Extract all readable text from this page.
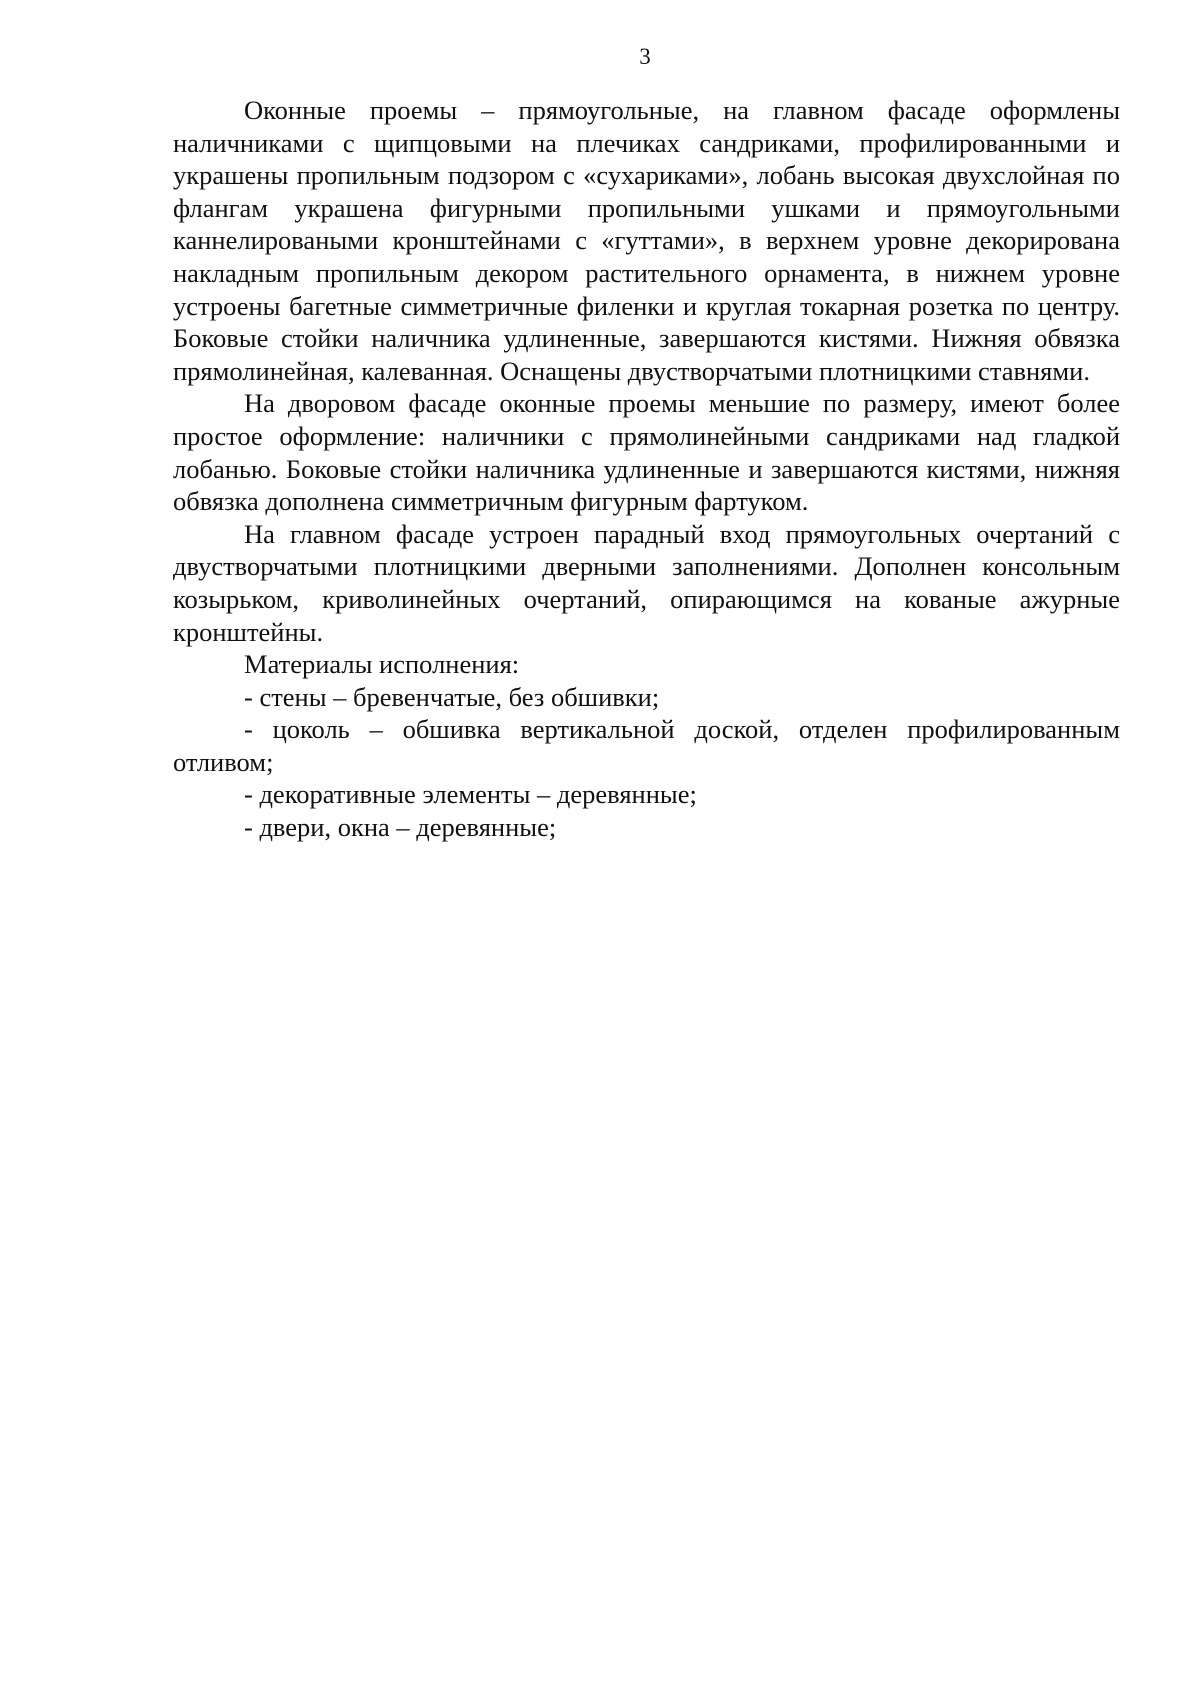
3

Оконные проемы – прямоугольные, на главном фасаде оформлены наличниками с щипцовыми на плечиках сандриками, профилированными и украшены пропильным подзором с «сухариками», лобань высокая двухслойная по флангам украшена фигурными пропильными ушками и прямоугольными каннелироваными кронштейнами с «гуттами», в верхнем уровне декорирована накладным пропильным декором растительного орнамента, в нижнем уровне устроены багетные симметричные филенки и круглая токарная розетка по центру. Боковые стойки наличника удлиненные, завершаются кистями. Нижняя обвязка прямолинейная, калеванная. Оснащены двустворчатыми плотницкими ставнями.

На дворовом фасаде оконные проемы меньшие по размеру, имеют более простое оформление: наличники с прямолинейными сандриками над гладкой лобанью. Боковые стойки наличника удлиненные и завершаются кистями, нижняя обвязка дополнена симметричным фигурным фартуком.

На главном фасаде устроен парадный вход прямоугольных очертаний с двустворчатыми плотницкими дверными заполнениями. Дополнен консольным козырьком, криволинейных очертаний, опирающимся на кованые ажурные кронштейны.

Материалы исполнения:

- стены – бревенчатые, без обшивки;

- цоколь – обшивка вертикальной доской, отделен профилированным отливом;

- декоративные элементы – деревянные;

- двери, окна – деревянные;
